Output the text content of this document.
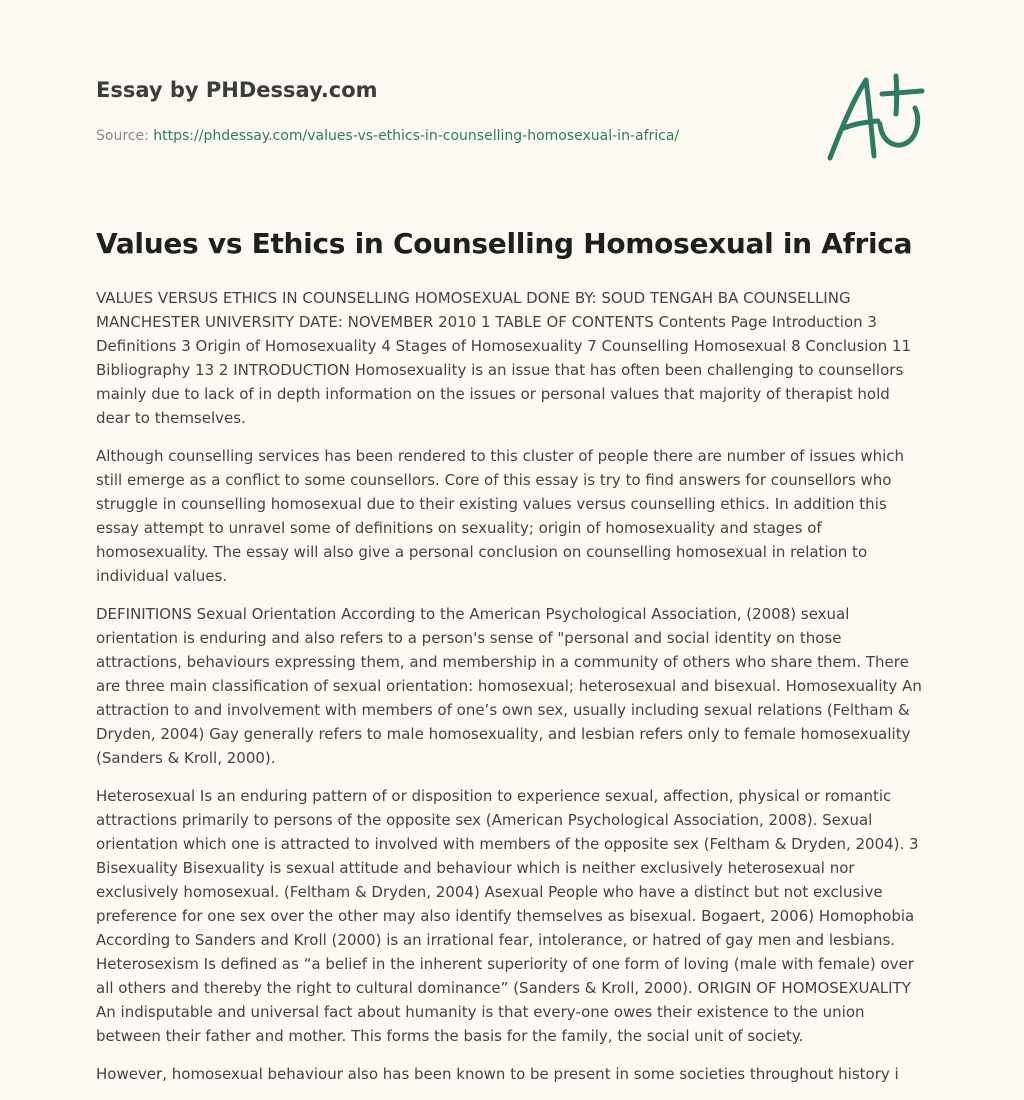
Essay by PHDessay.com
Source: https://phdessay.com/values-vs-ethics-in-counselling-homosexual-in-africa/
Values vs Ethics in Counselling Homosexual in Africa

VALUES VERSUS ETHICS IN COUNSELLING HOMOSEXUAL DONE BY: SOUD TENGAH BA COUNSELLING MANCHESTER UNIVERSITY DATE: NOVEMBER 2010 1 TABLE OF CONTENTS Contents Page Introduction 3 Definitions 3 Origin of Homosexuality 4 Stages of Homosexuality 7 Counselling Homosexual 8 Conclusion 11 Bibliography 13 2 INTRODUCTION Homosexuality is an issue that has often been challenging to counsellors mainly due to lack of in depth information on the issues or personal values that majority of therapist hold dear to themselves.

Although counselling services has been rendered to this cluster of people there are number of issues which still emerge as a conflict to some counsellors. Core of this essay is try to find answers for counsellors who struggle in counselling homosexual due to their existing values versus counselling ethics. In addition this essay attempt to unravel some of definitions on sexuality; origin of homosexuality and stages of homosexuality. The essay will also give a personal conclusion on counselling homosexual in relation to individual values.

DEFINITIONS Sexual Orientation According to the American Psychological Association, (2008) sexual orientation is enduring and also refers to a person's sense of "personal and social identity on those attractions, behaviours expressing them, and membership in a community of others who share them. There are three main classification of sexual orientation: homosexual; heterosexual and bisexual. Homosexuality An attraction to and involvement with members of one’s own sex, usually including sexual relations (Feltham & Dryden, 2004) Gay generally refers to male homosexuality, and lesbian refers only to female homosexuality (Sanders & Kroll, 2000).

Heterosexual Is an enduring pattern of or disposition to experience sexual, affection, physical or romantic attractions primarily to persons of the opposite sex (American Psychological Association, 2008). Sexual orientation which one is attracted to involved with members of the opposite sex (Feltham & Dryden, 2004). 3 Bisexuality Bisexuality is sexual attitude and behaviour which is neither exclusively heterosexual nor exclusively homosexual. (Feltham & Dryden, 2004) Asexual People who have a distinct but not exclusive preference for one sex over the other may also identify themselves as bisexual. Bogaert, 2006) Homophobia According to Sanders and Kroll (2000) is an irrational fear, intolerance, or hatred of gay men and lesbians. Heterosexism Is defined as “a belief in the inherent superiority of one form of loving (male with female) over all others and thereby the right to cultural dominance” (Sanders & Kroll, 2000). ORIGIN OF HOMOSEXUALITY An indisputable and universal fact about humanity is that every-one owes their existence to the union between their father and mother. This forms the basis for the family, the social unit of society.

However, homosexual behaviour also has been known to be present in some societies throughout history i
